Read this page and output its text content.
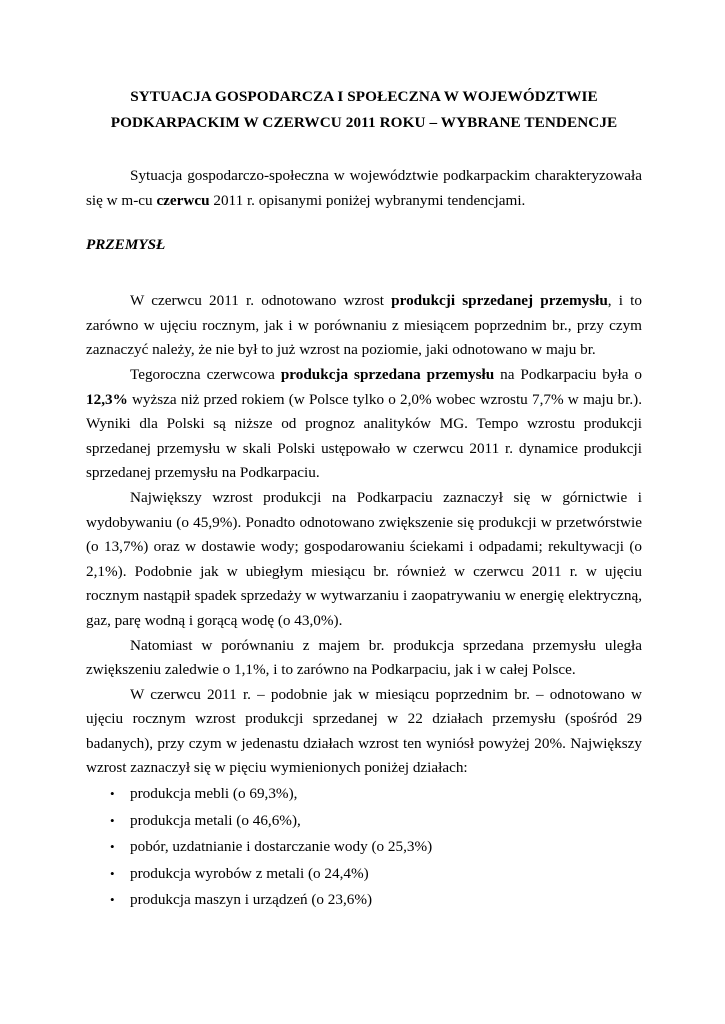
SYTUACJA GOSPODARCZA I SPOŁECZNA W WOJEWÓDZTWIE
PODKARPACKIM W CZERWCU 2011 ROKU – WYBRANE TENDENCJE

Sytuacja gospodarczo-społeczna w województwie podkarpackim charakteryzowała się w m-cu czerwcu 2011 r. opisanymi poniżej wybranymi tendencjami.

PRZEMYSŁ

W czerwcu 2011 r. odnotowano wzrost produkcji sprzedanej przemysłu, i to zarówno w ujęciu rocznym, jak i w porównaniu z miesiącem poprzednim br., przy czym zaznaczyć należy, że nie był to już wzrost na poziomie, jaki odnotowano w maju br.

Tegoroczna czerwcowa produkcja sprzedana przemysłu na Podkarpaciu była o 12,3% wyższa niż przed rokiem (w Polsce tylko o 2,0% wobec wzrostu 7,7% w maju br.). Wyniki dla Polski są niższe od prognoz analityków MG. Tempo wzrostu produkcji sprzedanej przemysłu w skali Polski ustępowało w czerwcu 2011 r. dynamice produkcji sprzedanej przemysłu na Podkarpaciu.

Największy wzrost produkcji na Podkarpaciu zaznaczył się w górnictwie i wydobywaniu (o 45,9%). Ponadto odnotowano zwiększenie się produkcji w przetwórstwie (o 13,7%) oraz w dostawie wody; gospodarowaniu ściekami i odpadami; rekultywacji (o 2,1%). Podobnie jak w ubiegłym miesiącu br. również w czerwcu 2011 r. w ujęciu rocznym nastąpił spadek sprzedaży w wytwarzaniu i zaopatrywaniu w energię elektryczną, gaz, parę wodną i gorącą wodę (o 43,0%).

Natomiast w porównaniu z majem br. produkcja sprzedana przemysłu uległa zwiększeniu zaledwie o 1,1%, i to zarówno na Podkarpaciu, jak i w całej Polsce.

W czerwcu 2011 r. – podobnie jak w miesiącu poprzednim br. – odnotowano w ujęciu rocznym wzrost produkcji sprzedanej w 22 działach przemysłu (spośród 29 badanych), przy czym w jedenastu działach wzrost ten wyniósł powyżej 20%. Największy wzrost zaznaczył się w pięciu wymienionych poniżej działach:

• produkcja mebli (o 69,3%),
• produkcja metali (o 46,6%),
• pobór, uzdatnianie i dostarczanie wody (o 25,3%)
• produkcja wyrobów z metali (o 24,4%)
• produkcja maszyn i urządzeń (o 23,6%)
